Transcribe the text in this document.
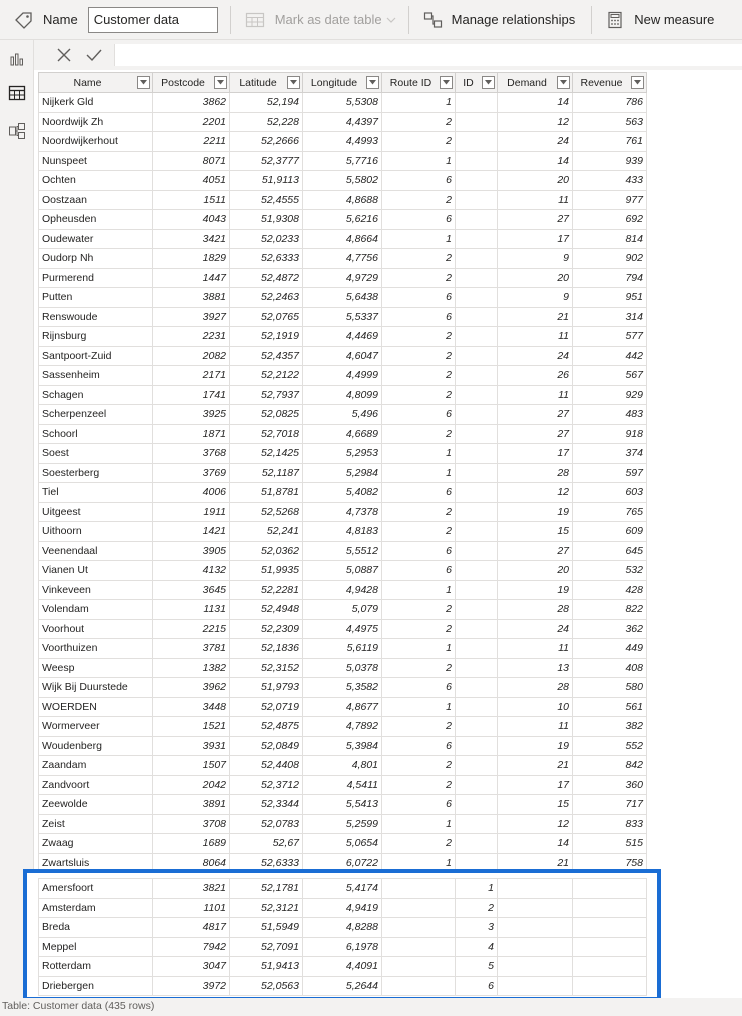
Name
Customer data	Mark as date table	Manage relationships	New measure
Name	Postcode	Latitude	Longitude	Route ID	ID	Demand	Revenue

Nijkerk Gld	3862	52,194	5,5308	1		14	786
Noordwijk Zh	2201	52,228	4,4397	2		12	563
Noordwijkerhout	2211	52,2666	4,4993	2		24	761
Nunspeet	8071	52,3777	5,7716	1		14	939
Ochten	4051	51,9113	5,5802	6		20	433
Oostzaan	1511	52,4555	4,8688	2		11	977
Opheusden	4043	51,9308	5,6216	6		27	692
Oudewater	3421	52,0233	4,8664	1		17	814
Oudorp Nh	1829	52,6333	4,7756	2		9	902
Purmerend	1447	52,4872	4,9729	2		20	794
Putten	3881	52,2463	5,6438	6		9	951
Renswoude	3927	52,0765	5,5337	6		21	314
Rijnsburg	2231	52,1919	4,4469	2		11	577
Santpoort-Zuid	2082	52,4357	4,6047	2		24	442
Sassenheim	2171	52,2122	4,4999	2		26	567
Schagen	1741	52,7937	4,8099	2		11	929
Scherpenzeel	3925	52,0825	5,496	6		27	483
Schoorl	1871	52,7018	4,6689	2		27	918
Soest	3768	52,1425	5,2953	1		17	374
Soesterberg	3769	52,1187	5,2984	1		28	597
Tiel	4006	51,8781	5,4082	6		12	603
Uitgeest	1911	52,5268	4,7378	2		19	765
Uithoorn	1421	52,241	4,8183	2		15	609
Veenendaal	3905	52,0362	5,5512	6		27	645
Vianen Ut	4132	51,9935	5,0887	6		20	532
Vinkeveen	3645	52,2281	4,9428	1		19	428
Volendam	1131	52,4948	5,079	2		28	822
Voorhout	2215	52,2309	4,4975	2		24	362
Voorthuizen	3781	52,1836	5,6119	1		11	449
Weesp	1382	52,3152	5,0378	2		13	408
Wijk Bij Duurstede	3962	51,9793	5,3582	6		28	580
WOERDEN	3448	52,0719	4,8677	1		10	561
Wormerveer	1521	52,4875	4,7892	2		11	382
Woudenberg	3931	52,0849	5,3984	6		19	552
Zaandam	1507	52,4408	4,801	2		21	842
Zandvoort	2042	52,3712	4,5411	2		17	360
Zeewolde	3891	52,3344	5,5413	6		15	717
Zeist	3708	52,0783	5,2599	1		12	833
Zwaag	1689	52,67	5,0654	2		14	515
Zwartsluis	8064	52,6333	6,0722	1		21	758
Amersfoort	3821	52,1781	5,4174		1		
Amsterdam	1101	52,3121	4,9419		2		
Breda	4817	51,5949	4,8288		3		
Meppel	7942	52,7091	6,1978		4		
Rotterdam	3047	51,9413	4,4091		5		
Driebergen	3972	52,0563	5,2644		6		
Table: Customer data (435 rows)
